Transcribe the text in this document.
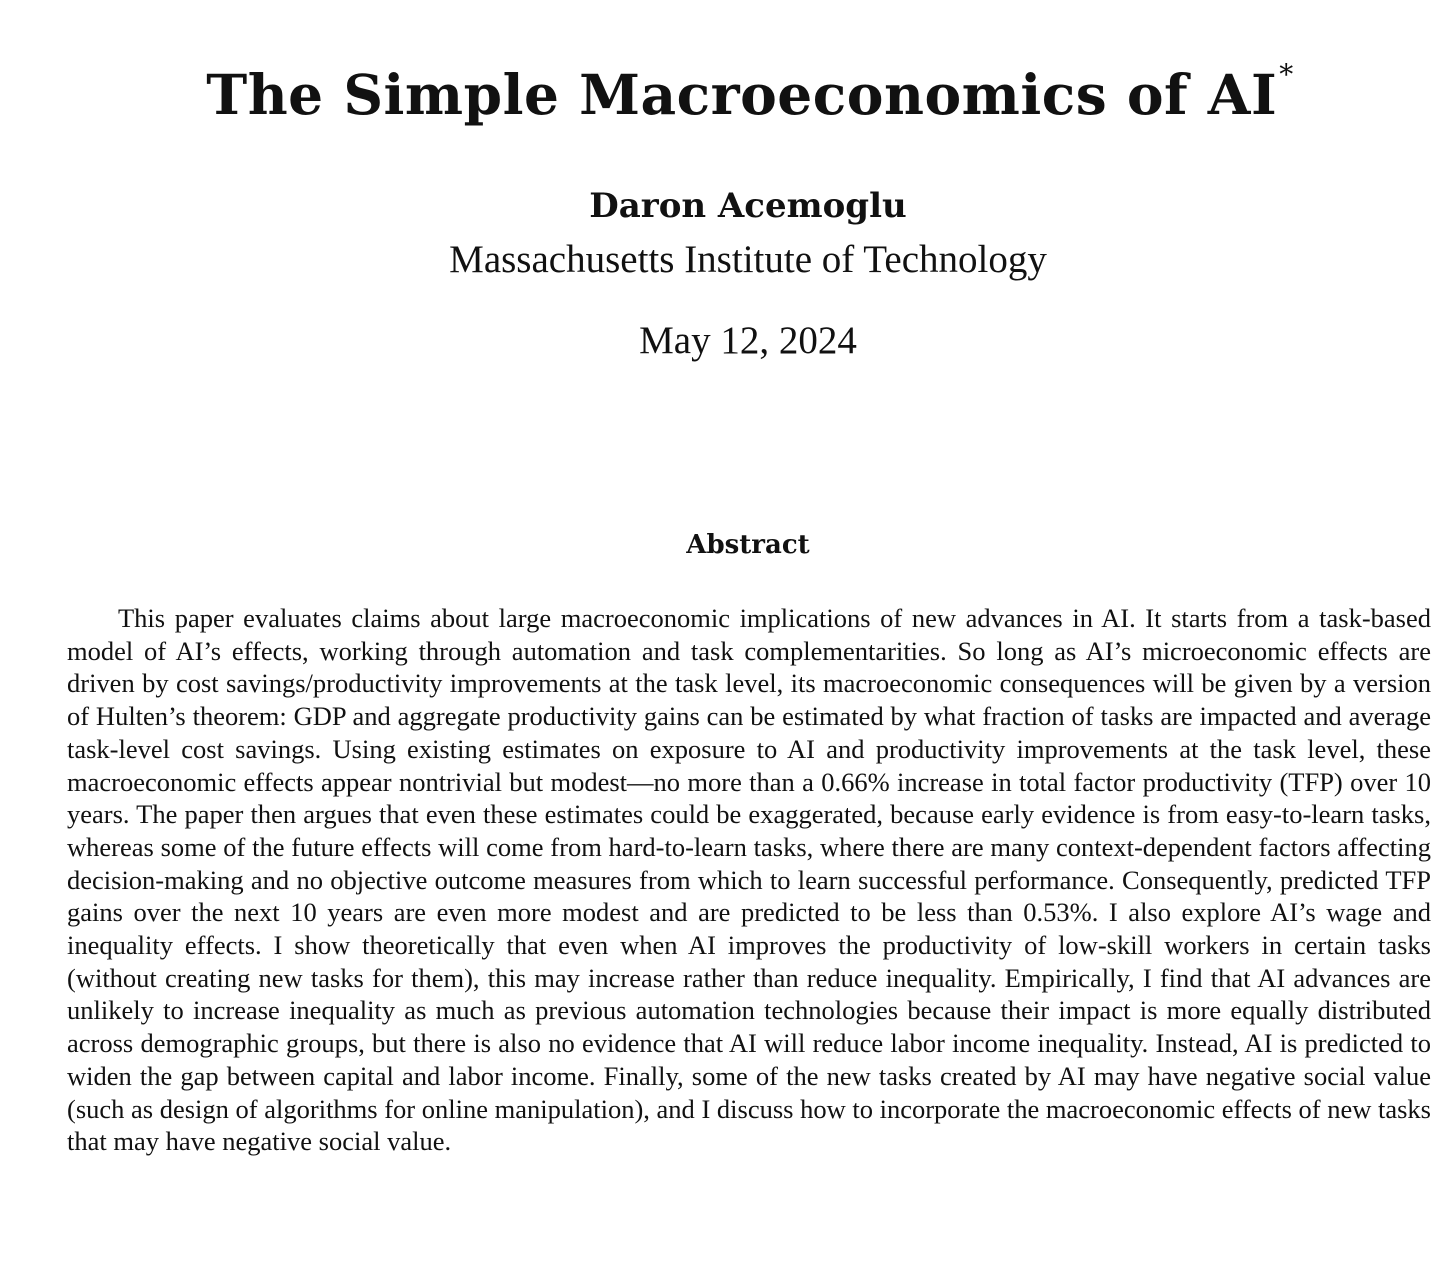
The Simple Macroeconomics of AI*
Daron Acemoglu
Massachusetts Institute of Technology
May 12, 2024
Abstract

This paper evaluates claims about large macroeconomic implications of new advances in AI. It starts from a task-based model of AI’s effects, working through automation and task complementarities. So long as AI’s microeconomic effects are driven by cost savings/productivity improvements at the task level, its macroeconomic consequences will be given by a version of Hulten’s theorem: GDP and aggregate productivity gains can be estimated by what fraction of tasks are impacted and average task-level cost savings. Using existing estimates on exposure to AI and productivity improvements at the task level, these macroeconomic effects appear nontrivial but modest—no more than a 0.66% increase in total factor productivity (TFP) over 10 years. The paper then argues that even these estimates could be exaggerated, because early evidence is from easy-to-learn tasks, whereas some of the future effects will come from hard-to-learn tasks, where there are many context-dependent factors affecting decision-making and no objective outcome measures from which to learn successful performance. Consequently, predicted TFP gains over the next 10 years are even more modest and are predicted to be less than 0.53%. I also explore AI’s wage and inequality effects. I show theoretically that even when AI improves the productivity of low-skill workers in certain tasks (without creating new tasks for them), this may increase rather than reduce inequality. Empirically, I find that AI advances are unlikely to increase inequality as much as previous automation technologies because their impact is more equally distributed across demographic groups, but there is also no evidence that AI will reduce labor income inequality. Instead, AI is predicted to widen the gap between capital and labor income. Finally, some of the new tasks created by AI may have negative social value (such as design of algorithms for online manipulation), and I discuss how to incorporate the macroeconomic effects of new tasks that may have negative social value.
